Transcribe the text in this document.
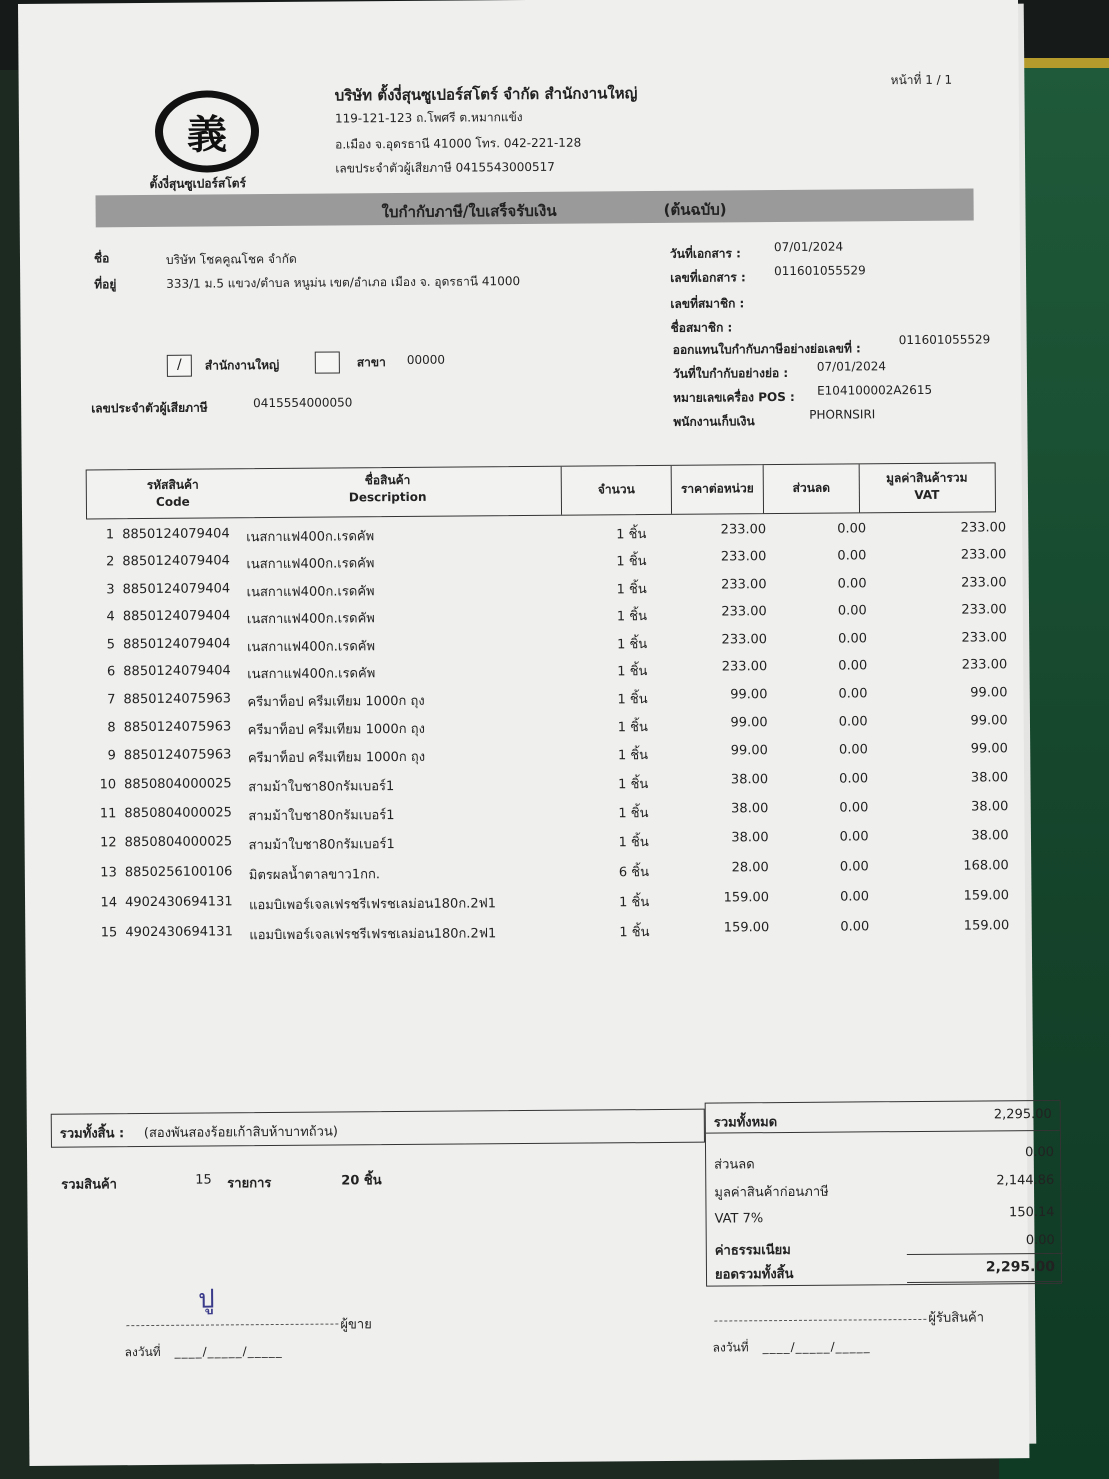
หน้าที่ 1 / 1
義
ตั้งงี่สุนซูเปอร์สโตร์
บริษัท ตั้งงี่สุนซูเปอร์สโตร์ จำกัด สำนักงานใหญ่
119-121-123 ถ.โพศรี ต.หมากแข้ง
อ.เมือง จ.อุดรธานี 41000 โทร. 042-221-128
เลขประจำตัวผู้เสียภาษี 0415543000517
ใบกำกับภาษี/ใบเสร็จรับเงิน	(ต้นฉบับ)
ชื่อ	บริษัท โชคคูณโชค จำกัด
ที่อยู่	333/1 ม.5 แขวง/ตำบล หนูม่น เขต/อำเภอ เมือง จ. อุดรธานี 41000
/	สำนักงานใหญ่	สาขา 00000
เลขประจำตัวผู้เสียภาษี	0415554000050
วันที่เอกสาร :	07/01/2024
เลขที่เอกสาร : 011601055529
เลขที่สมาชิก :
ชื่อสมาชิก :
ออกแทนใบกำกับภาษีอย่างย่อเลขที่ :
011601055529
วันที่ใบกำกับอย่างย่อ : 07/01/2024
หมายเลขเครื่อง POS : E104100002A2615
พนักงานเก็บเงิน	PHORNSIRI
รหัสสินค้า
Code
ชื่อสินค้า
Description
จำนวน	ราคาต่อหน่วย	ส่วนลด
มูลค่าสินค้ารวม
VAT
1 8850124079404 เนสกาแฟ400ก.เรดคัพ	1 ชิ้น	233.00	0.00	233.00
2 8850124079404 เนสกาแฟ400ก.เรดคัพ	1 ชิ้น	233.00	0.00	233.00
3 8850124079404 เนสกาแฟ400ก.เรดคัพ	1 ชิ้น	233.00	0.00	233.00
4 8850124079404 เนสกาแฟ400ก.เรดคัพ	1 ชิ้น	233.00	0.00	233.00
5 8850124079404 เนสกาแฟ400ก.เรดคัพ	1 ชิ้น	233.00	0.00	233.00
6 8850124079404 เนสกาแฟ400ก.เรดคัพ	1 ชิ้น	233.00	0.00	233.00
7 8850124075963 ครีมาท็อป ครีมเทียม 1000ก ถุง	1 ชิ้น	99.00	0.00	99.00
8 8850124075963 ครีมาท็อป ครีมเทียม 1000ก ถุง	1 ชิ้น	99.00	0.00	99.00
9 8850124075963 ครีมาท็อป ครีมเทียม 1000ก ถุง	1 ชิ้น	99.00	0.00	99.00
10 8850804000025 สามม้าใบชา80กรัมเบอร์1	1 ชิ้น	38.00	0.00	38.00
11 8850804000025 สามม้าใบชา80กรัมเบอร์1	1 ชิ้น	38.00	0.00	38.00
12 8850804000025 สามม้าใบชา80กรัมเบอร์1	1 ชิ้น	38.00	0.00	38.00
13 8850256100106 มิตรผลน้ำตาลขาว1กก.	6 ชิ้น	28.00	0.00	168.00
14 4902430694131 แอมบิเพอร์เจลเฟรชรีเฟรชเลม่อน180ก.2ฟ1	1 ชิ้น	159.00	0.00	159.00
15 4902430694131 แอมบิเพอร์เจลเฟรชรีเฟรชเลม่อน180ก.2ฟ1	1 ชิ้น	159.00	0.00	159.00
รวมทั้งสิ้น : (สองพันสองร้อยเก้าสิบห้าบาทถ้วน)
รวมสินค้า	15 รายการ	20 ชิ้น
รวมทั้งหมด
2,295.00
ส่วนลด
0.00
มูลค่าสินค้าก่อนภาษี
2,144.86
VAT 7%	150.14
ค่าธรรมเนียม
0.00
ยอดรวมทั้งสิ้น	2,295.00
ปู
ผู้ขาย
ลงวันที่ ____/_____/_____
ผู้รับสินค้า
ลงวันที่ ____/_____/_____
